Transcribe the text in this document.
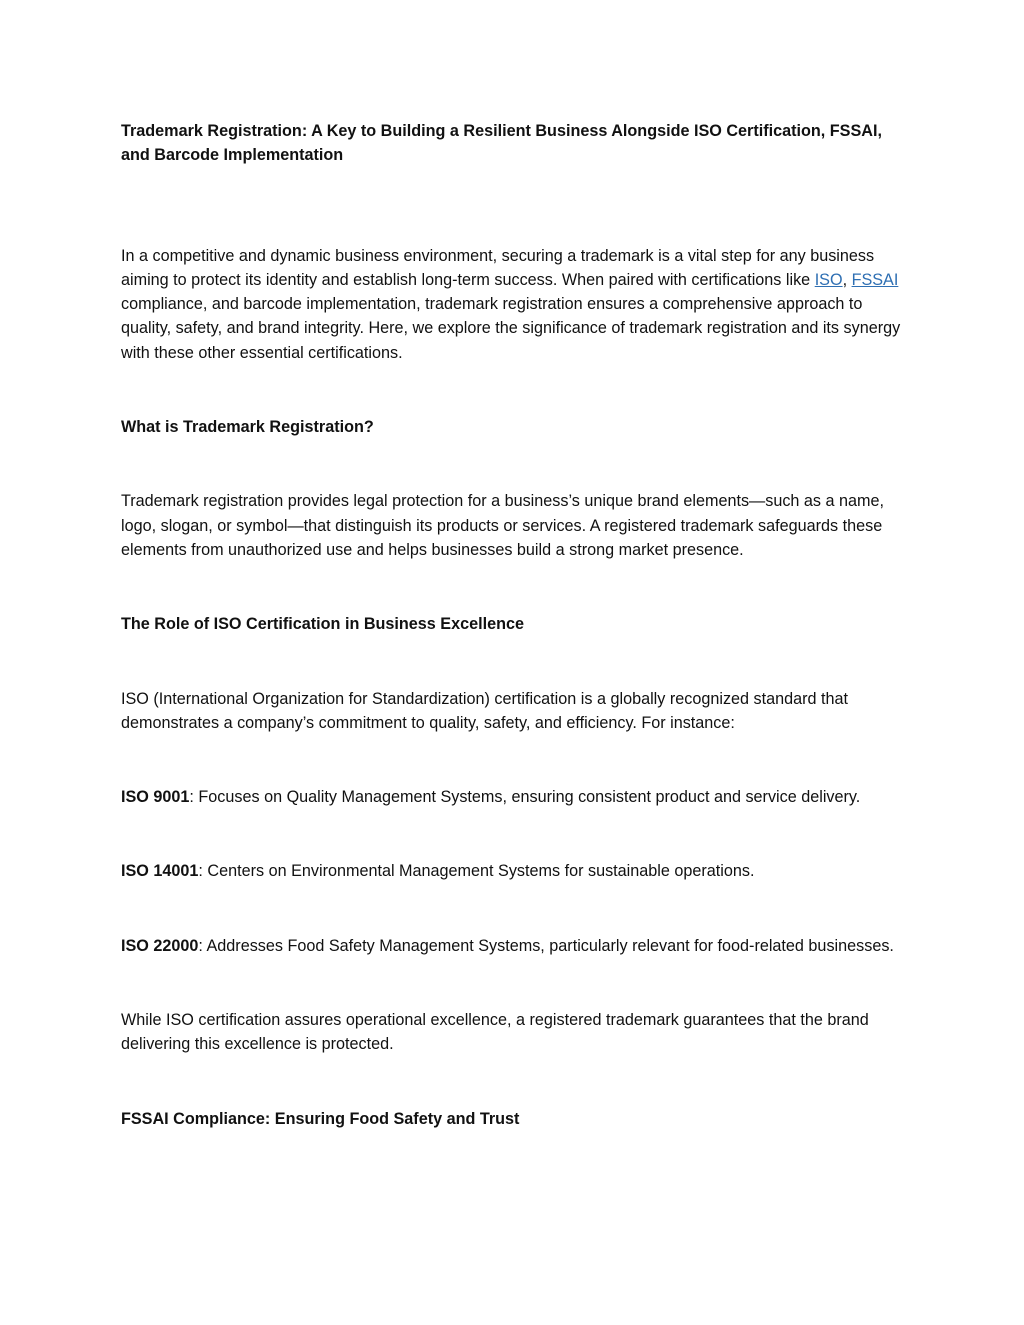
Trademark Registration: A Key to Building a Resilient Business Alongside ISO Certification, FSSAI, and Barcode Implementation

In a competitive and dynamic business environment, securing a trademark is a vital step for any business aiming to protect its identity and establish long-term success. When paired with certifications like ISO, FSSAI compliance, and barcode implementation, trademark registration ensures a comprehensive approach to quality, safety, and brand integrity. Here, we explore the significance of trademark registration and its synergy with these other essential certifications.

What is Trademark Registration?

Trademark registration provides legal protection for a business’s unique brand elements—such as a name, logo, slogan, or symbol—that distinguish its products or services. A registered trademark safeguards these elements from unauthorized use and helps businesses build a strong market presence.

The Role of ISO Certification in Business Excellence

ISO (International Organization for Standardization) certification is a globally recognized standard that demonstrates a company’s commitment to quality, safety, and efficiency. For instance:

ISO 9001: Focuses on Quality Management Systems, ensuring consistent product and service delivery.

ISO 14001: Centers on Environmental Management Systems for sustainable operations.

ISO 22000: Addresses Food Safety Management Systems, particularly relevant for food-related businesses.

While ISO certification assures operational excellence, a registered trademark guarantees that the brand delivering this excellence is protected.

FSSAI Compliance: Ensuring Food Safety and Trust
